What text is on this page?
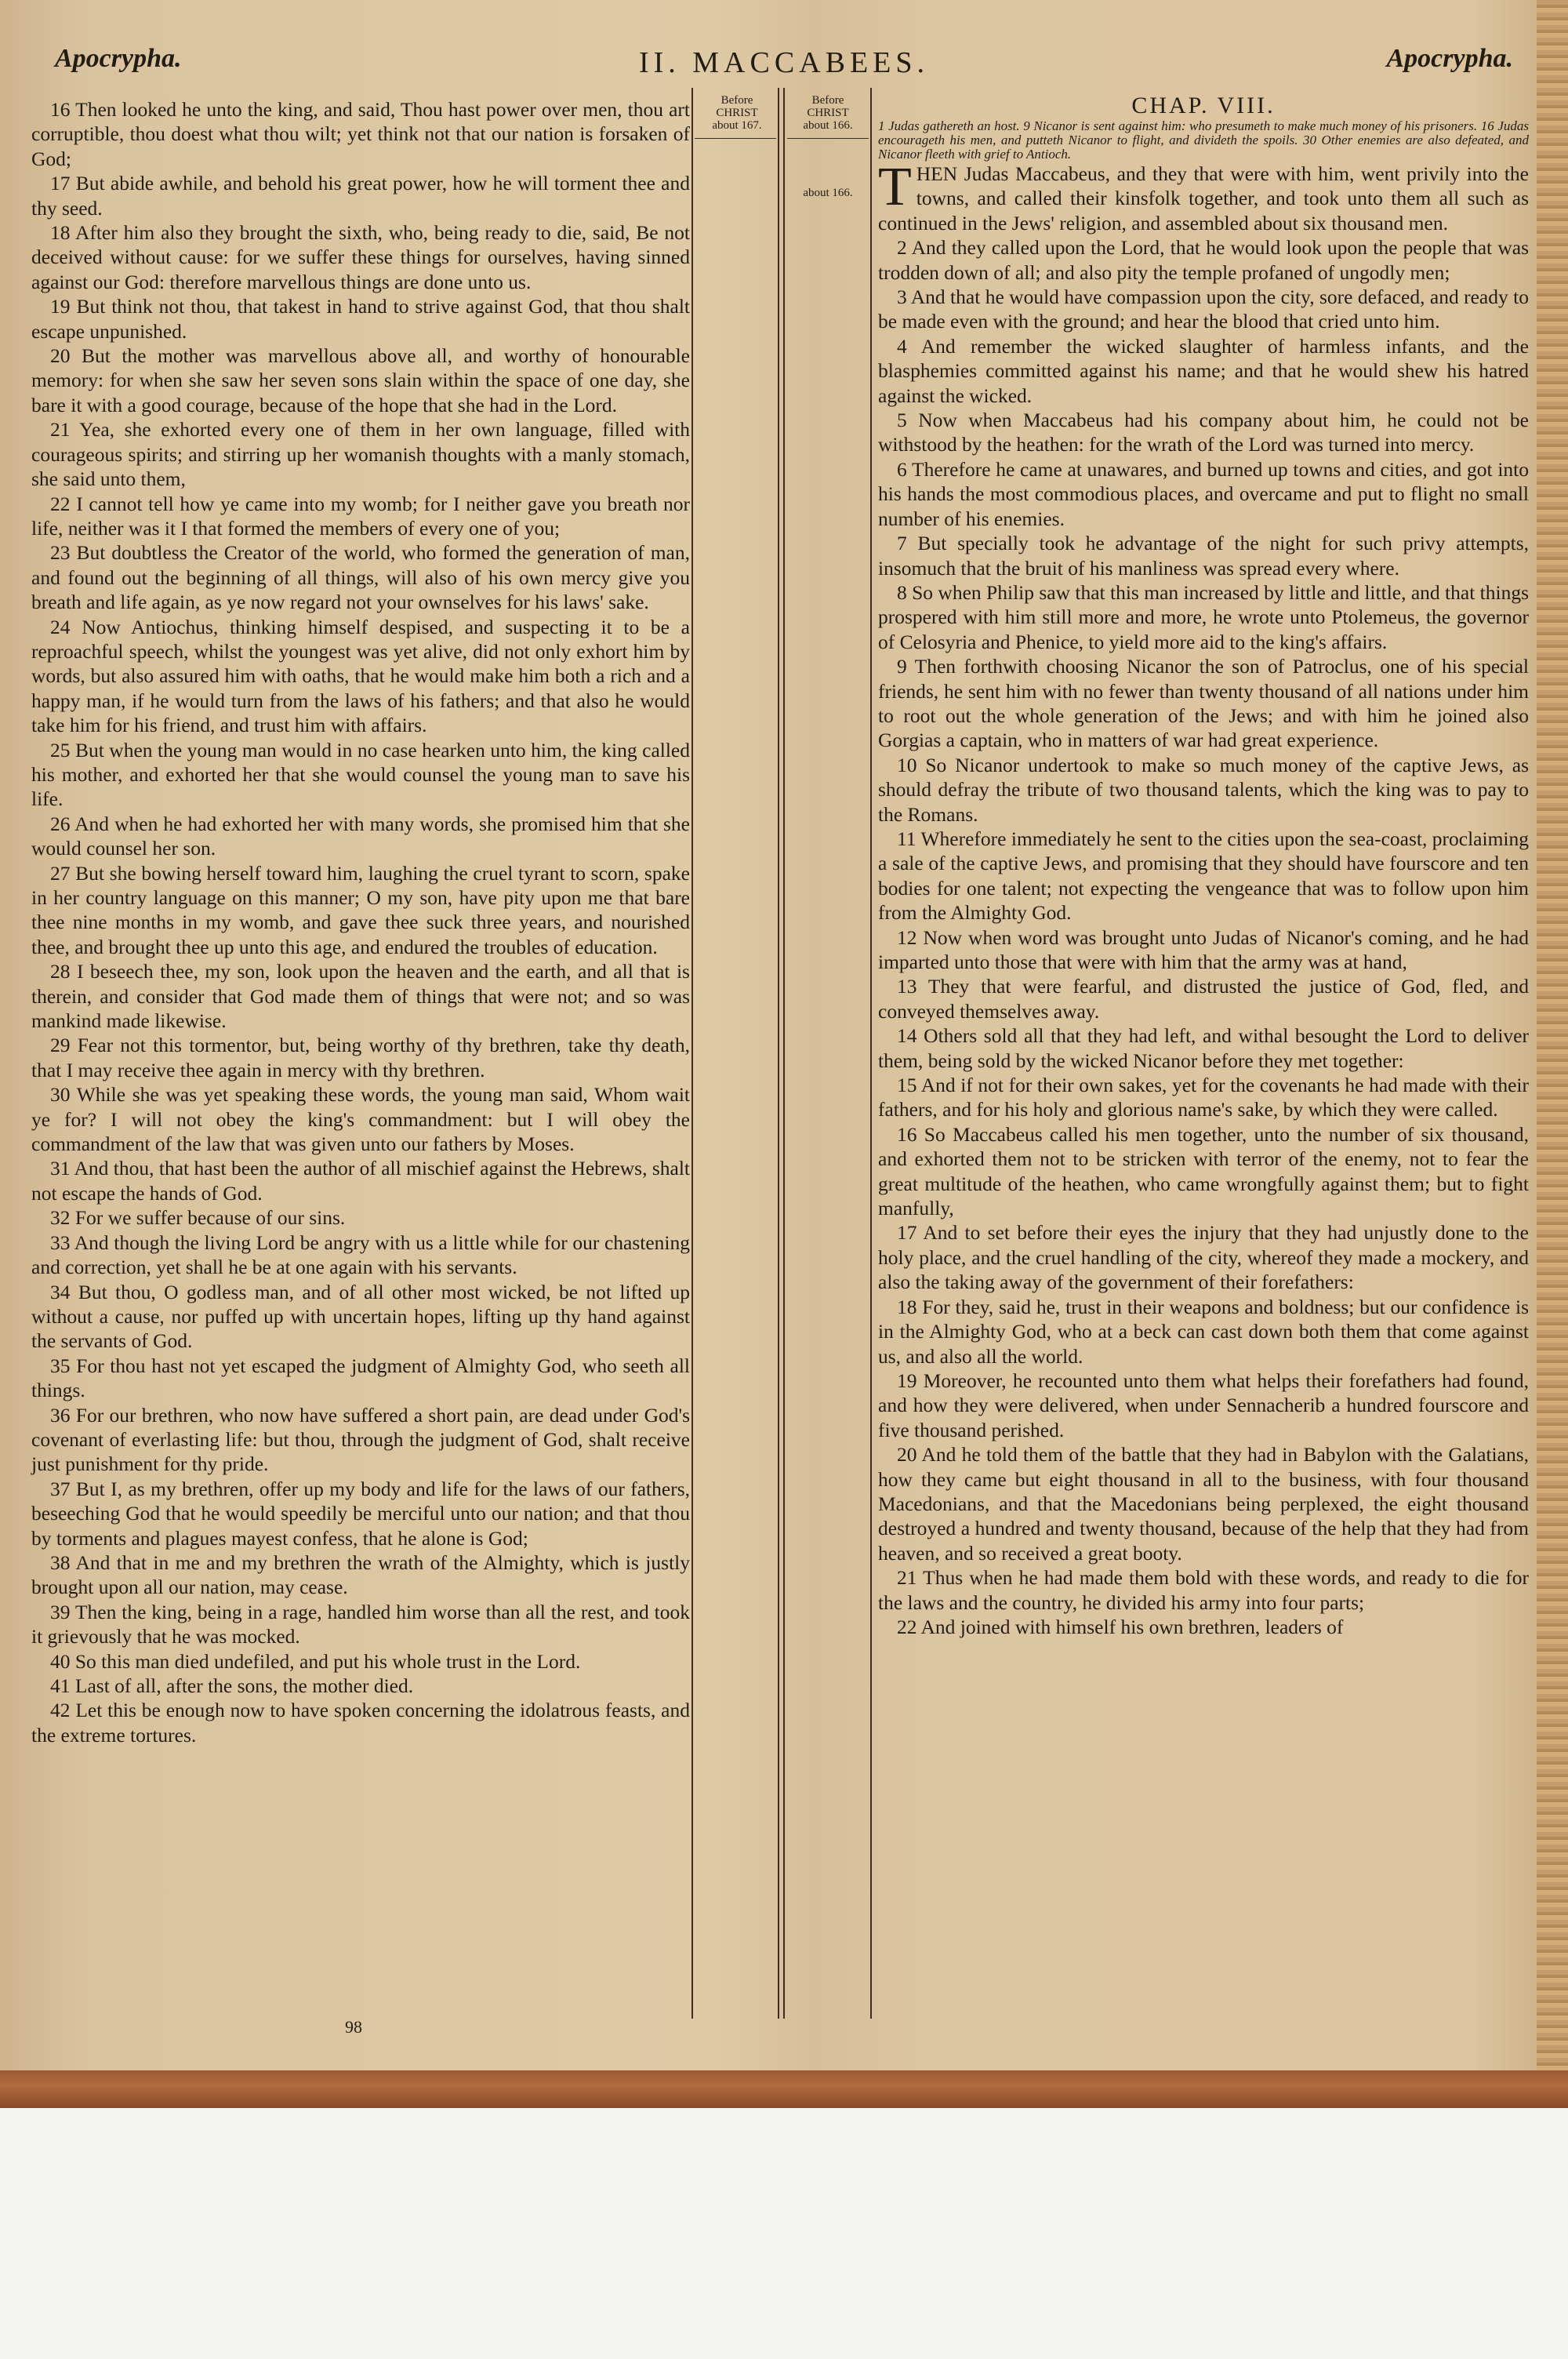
Apocrypha.	II. MACCABEES.	Apocrypha.
Before
CHRIST
about 167.
Before
CHRIST
about 166.
about 166.

16 Then looked he unto the king, and said, Thou hast power over men, thou art corruptible, thou doest what thou wilt; yet think not that our nation is forsaken of God;

17 But abide awhile, and behold his great power, how he will torment thee and thy seed.

18 After him also they brought the sixth, who, being ready to die, said, Be not deceived without cause: for we suffer these things for ourselves, having sinned against our God: therefore marvellous things are done unto us.

19 But think not thou, that takest in hand to strive against God, that thou shalt escape unpunished.

20 But the mother was marvellous above all, and worthy of honourable memory: for when she saw her seven sons slain within the space of one day, she bare it with a good courage, because of the hope that she had in the Lord.

21 Yea, she exhorted every one of them in her own language, filled with courageous spirits; and stirring up her womanish thoughts with a manly stomach, she said unto them,

22 I cannot tell how ye came into my womb; for I neither gave you breath nor life, neither was it I that formed the members of every one of you;

23 But doubtless the Creator of the world, who formed the generation of man, and found out the beginning of all things, will also of his own mercy give you breath and life again, as ye now regard not your ownselves for his laws' sake.

24 Now Antiochus, thinking himself despised, and suspecting it to be a reproachful speech, whilst the youngest was yet alive, did not only exhort him by words, but also assured him with oaths, that he would make him both a rich and a happy man, if he would turn from the laws of his fathers; and that also he would take him for his friend, and trust him with affairs.

25 But when the young man would in no case hearken unto him, the king called his mother, and exhorted her that she would counsel the young man to save his life.

26 And when he had exhorted her with many words, she promised him that she would counsel her son.

27 But she bowing herself toward him, laughing the cruel tyrant to scorn, spake in her country language on this manner; O my son, have pity upon me that bare thee nine months in my womb, and gave thee suck three years, and nourished thee, and brought thee up unto this age, and endured the troubles of education.

28 I beseech thee, my son, look upon the heaven and the earth, and all that is therein, and consider that God made them of things that were not; and so was mankind made likewise.

29 Fear not this tormentor, but, being worthy of thy brethren, take thy death, that I may receive thee again in mercy with thy brethren.

30 While she was yet speaking these words, the young man said, Whom wait ye for? I will not obey the king's commandment: but I will obey the commandment of the law that was given unto our fathers by Moses.

31 And thou, that hast been the author of all mischief against the Hebrews, shalt not escape the hands of God.

32 For we suffer because of our sins.

33 And though the living Lord be angry with us a little while for our chastening and correction, yet shall he be at one again with his servants.

34 But thou, O godless man, and of all other most wicked, be not lifted up without a cause, nor puffed up with uncertain hopes, lifting up thy hand against the servants of God.

35 For thou hast not yet escaped the judgment of Almighty God, who seeth all things.

36 For our brethren, who now have suffered a short pain, are dead under God's covenant of everlasting life: but thou, through the judgment of God, shalt receive just punishment for thy pride.

37 But I, as my brethren, offer up my body and life for the laws of our fathers, beseeching God that he would speedily be merciful unto our nation; and that thou by torments and plagues mayest confess, that he alone is God;

38 And that in me and my brethren the wrath of the Almighty, which is justly brought upon all our nation, may cease.

39 Then the king, being in a rage, handled him worse than all the rest, and took it grievously that he was mocked.

40 So this man died undefiled, and put his whole trust in the Lord.

41 Last of all, after the sons, the mother died.

42 Let this be enough now to have spoken concerning the idolatrous feasts, and the extreme tortures.

98
CHAP. VIII.
1 Judas gathereth an host. 9 Nicanor is sent against him: who presumeth to make much money of his prisoners. 16 Judas encourageth his men, and putteth Nicanor to flight, and divideth the spoils. 30 Other enemies are also defeated, and Nicanor fleeth with grief to Antioch.

THEN Judas Maccabeus, and they that were with him, went privily into the towns, and called their kinsfolk together, and took unto them all such as continued in the Jews' religion, and assembled about six thousand men.

2 And they called upon the Lord, that he would look upon the people that was trodden down of all; and also pity the temple profaned of ungodly men;

3 And that he would have compassion upon the city, sore defaced, and ready to be made even with the ground; and hear the blood that cried unto him.

4 And remember the wicked slaughter of harmless infants, and the blasphemies committed against his name; and that he would shew his hatred against the wicked.

5 Now when Maccabeus had his company about him, he could not be withstood by the heathen: for the wrath of the Lord was turned into mercy.

6 Therefore he came at unawares, and burned up towns and cities, and got into his hands the most commodious places, and overcame and put to flight no small number of his enemies.

7 But specially took he advantage of the night for such privy attempts, insomuch that the bruit of his manliness was spread every where.

8 So when Philip saw that this man increased by little and little, and that things prospered with him still more and more, he wrote unto Ptolemeus, the governor of Celosyria and Phenice, to yield more aid to the king's affairs.

9 Then forthwith choosing Nicanor the son of Patroclus, one of his special friends, he sent him with no fewer than twenty thousand of all nations under him to root out the whole generation of the Jews; and with him he joined also Gorgias a captain, who in matters of war had great experience.

10 So Nicanor undertook to make so much money of the captive Jews, as should defray the tribute of two thousand talents, which the king was to pay to the Romans.

11 Wherefore immediately he sent to the cities upon the sea-coast, proclaiming a sale of the captive Jews, and promising that they should have fourscore and ten bodies for one talent; not expecting the vengeance that was to follow upon him from the Almighty God.

12 Now when word was brought unto Judas of Nicanor's coming, and he had imparted unto those that were with him that the army was at hand,

13 They that were fearful, and distrusted the justice of God, fled, and conveyed themselves away.

14 Others sold all that they had left, and withal besought the Lord to deliver them, being sold by the wicked Nicanor before they met together:

15 And if not for their own sakes, yet for the covenants he had made with their fathers, and for his holy and glorious name's sake, by which they were called.

16 So Maccabeus called his men together, unto the number of six thousand, and exhorted them not to be stricken with terror of the enemy, not to fear the great multitude of the heathen, who came wrongfully against them; but to fight manfully,

17 And to set before their eyes the injury that they had unjustly done to the holy place, and the cruel handling of the city, whereof they made a mockery, and also the taking away of the government of their forefathers:

18 For they, said he, trust in their weapons and boldness; but our confidence is in the Almighty God, who at a beck can cast down both them that come against us, and also all the world.

19 Moreover, he recounted unto them what helps their forefathers had found, and how they were delivered, when under Sennacherib a hundred fourscore and five thousand perished.

20 And he told them of the battle that they had in Babylon with the Galatians, how they came but eight thousand in all to the business, with four thousand Macedonians, and that the Macedonians being perplexed, the eight thousand destroyed a hundred and twenty thousand, because of the help that they had from heaven, and so received a great booty.

21 Thus when he had made them bold with these words, and ready to die for the laws and the country, he divided his army into four parts;

22 And joined with himself his own brethren, leaders of
